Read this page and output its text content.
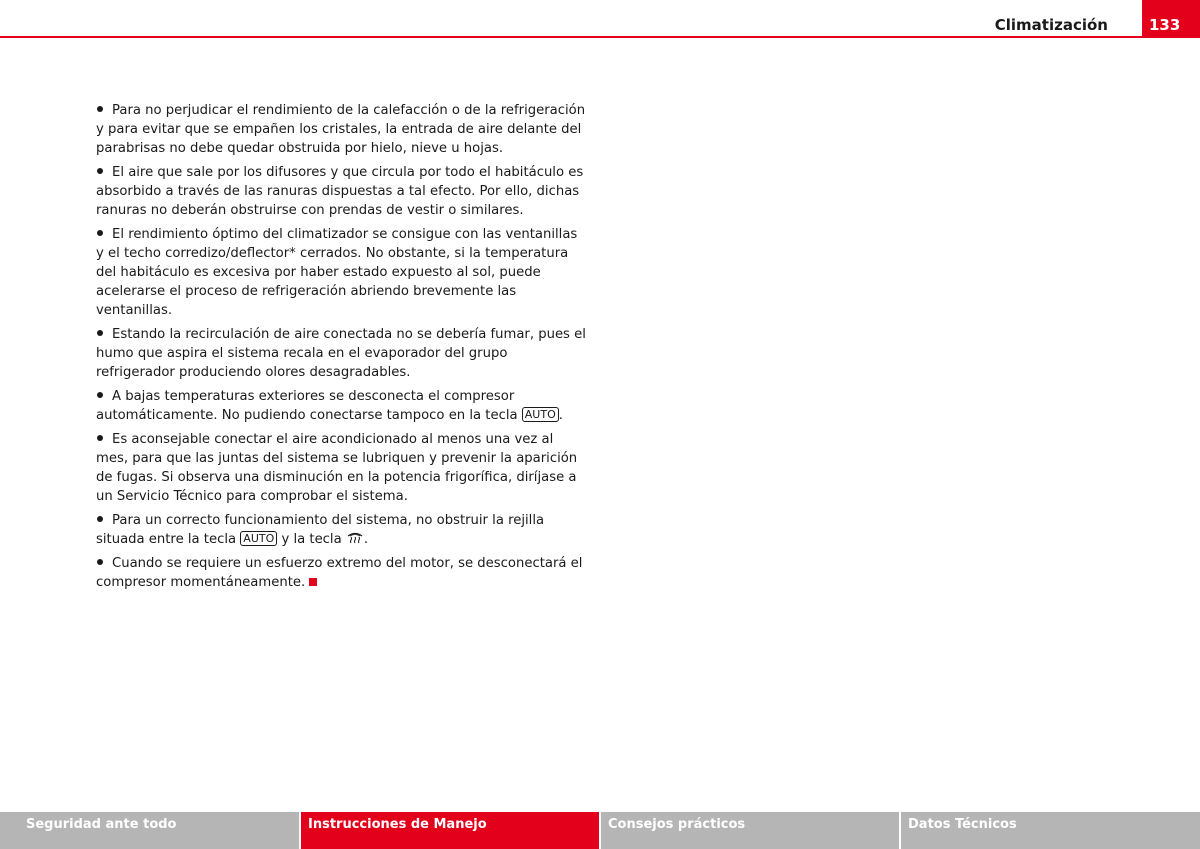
Climatización	133

Para no perjudicar el rendimiento de la calefacción o de la refrigeración y para evitar que se empañen los cristales, la entrada de aire delante del parabrisas no debe quedar obstruida por hielo, nieve u hojas.

El aire que sale por los difusores y que circula por todo el habitáculo es absorbido a través de las ranuras dispuestas a tal efecto. Por ello, dichas ranuras no deberán obstruirse con prendas de vestir o similares.

El rendimiento óptimo del climatizador se consigue con las ventanillas y el techo corredizo/deflector* cerrados. No obstante, si la temperatura del habitáculo es excesiva por haber estado expuesto al sol, puede acelerarse el proceso de refrigeración abriendo brevemente las ventanillas.

Estando la recirculación de aire conectada no se debería fumar, pues el humo que aspira el sistema recala en el evaporador del grupo refrigerador produciendo olores desagradables.

A bajas temperaturas exteriores se desconecta el compresor automáticamente. No pudiendo conectarse tampoco en la tecla AUTO .

Es aconsejable conectar el aire acondicionado al menos una vez al mes, para que las juntas del sistema se lubriquen y prevenir la aparición de fugas. Si observa una disminución en la potencia frigorífica, diríjase a un Servicio Técnico para comprobar el sistema.

Para un correcto funcionamiento del sistema, no obstruir la rejilla situada entre la tecla AUTO y la tecla .

Cuando se requiere un esfuerzo extremo del motor, se desconectará el compresor momentáneamente.

Seguridad ante todo	Instrucciones de Manejo	Consejos prácticos	Datos Técnicos
